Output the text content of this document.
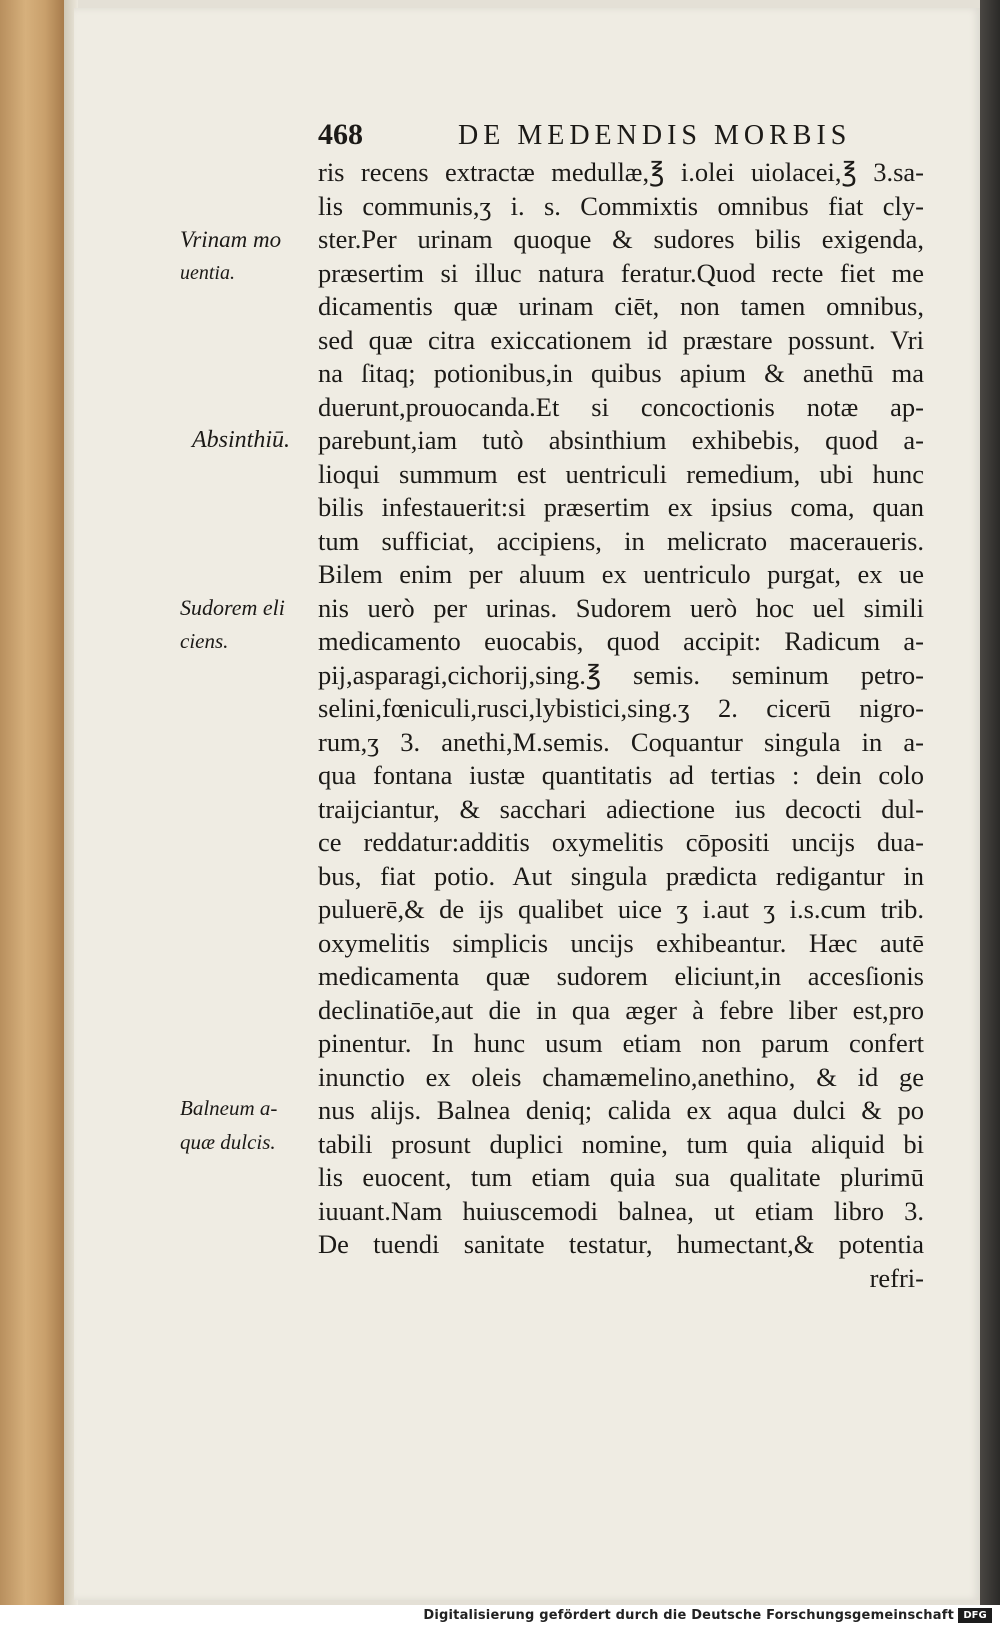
468	DE MEDENDIS MORBIS
Vrinam mo
uentia.
Absinthiū.
Sudorem eli
ciens.
Balneum a-
quæ dulcis.
ris recens extractæ medullæ,℥ i.olei uiolacei,℥ 3.sa-
lis communis,ʒ i. s. Commixtis omnibus fiat cly-
ster.Per urinam quoque & sudores bilis exigenda,
præsertim si illuc natura feratur.Quod recte fiet me
dicamentis quæ urinam ciēt, non tamen omnibus,
sed quæ citra exiccationem id præstare possunt. Vri
na ſitaq; potionibus,in quibus apium & anethū ma
duerunt,prouocanda.Et si concoctionis notæ ap-
parebunt,iam tutò absinthium exhibebis, quod a-
lioqui summum est uentriculi remedium, ubi hunc
bilis infestauerit:si præsertim ex ipsius coma, quan
tum sufficiat, accipiens, in melicrato maceraueris.
Bilem enim per aluum ex uentriculo purgat, ex ue
nis uerò per urinas. Sudorem uerò hoc uel simili
medicamento euocabis, quod accipit: Radicum a-
pij,asparagi,cichorij,sing.℥ semis. seminum petro-
selini,fœniculi,rusci,lybistici,sing.ʒ 2. cicerū nigro-
rum,ʒ 3. anethi,M.semis. Coquantur singula in a-
qua fontana iustæ quantitatis ad tertias : dein colo
traijciantur, & sacchari adiectione ius decocti dul-
ce reddatur:additis oxymelitis cōpositi uncijs dua-
bus, fiat potio. Aut singula prædicta redigantur in
puluerē,& de ijs qualibet uice ʒ i.aut ʒ i.s.cum trib.
oxymelitis simplicis uncijs exhibeantur. Hæc autē
medicamenta quæ sudorem eliciunt,in accesſionis
declinatiōe,aut die in qua æger à febre liber est,pro
pinentur. In hunc usum etiam non parum confert
inunctio ex oleis chamæmelino,anethino, & id ge
nus alijs. Balnea deniq; calida ex aqua dulci & po
tabili prosunt duplici nomine, tum quia aliquid bi
lis euocent, tum etiam quia sua qualitate plurimū
iuuant.Nam huiuscemodi balnea, ut etiam libro 3.
De tuendi sanitate testatur, humectant,& potentia
refri-
Digitalisierung gefördert durch die Deutsche Forschungsgemeinschaft DFG
